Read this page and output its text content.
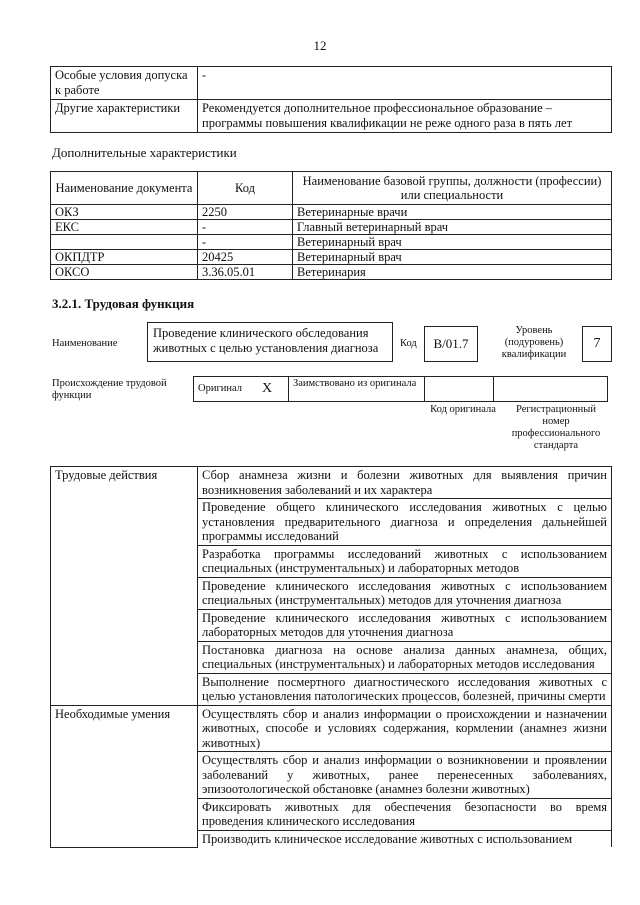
12
Особые условия допуска к работе	-
Другие характеристики	Рекомендуется дополнительное профессиональное образование – программы повышения квалификации не реже одного раза в пять лет
Дополнительные характеристики
Наименование документа	Код	Наименование базовой группы, должности (профессии) или специальности
ОКЗ	2250	Ветеринарные врачи
ЕКС	-	Главный ветеринарный врач
	-	Ветеринарный врач
ОКПДТР	20425	Ветеринарный врач
ОКСО	3.36.05.01	Ветеринария
3.2.1. Трудовая функция
Наименование
Проведение клинического обследования животных с целью установления диагноза	Код	В/01.7
Уровень (подуровень) квалификации
7
Происхождение трудовой функции
Оригинал Х	Заимствовано из оригинала
Код оригинала	Регистрационный номер профессионального стандарта
Трудовые действия	Сбор анамнеза жизни и болезни животных для выявления причин возникновения заболеваний и их характера
	Проведение общего клинического исследования животных с целью установления предварительного диагноза и определения дальнейшей программы исследований
	Разработка программы исследований животных с использованием специальных (инструментальных) и лабораторных методов
	Проведение клинического исследования животных с использованием специальных (инструментальных) методов для уточнения диагноза
	Проведение клинического исследования животных с использованием лабораторных методов для уточнения диагноза
	Постановка диагноза на основе анализа данных анамнеза, общих, специальных (инструментальных) и лабораторных методов исследования
	Выполнение посмертного диагностического исследования животных с целью установления патологических процессов, болезней, причины смерти
Необходимые умения	Осуществлять сбор и анализ информации о происхождении и назначении животных, способе и условиях содержания, кормлении (анамнез жизни животных)
	Осуществлять сбор и анализ информации о возникновении и проявлении заболеваний у животных, ранее перенесенных заболеваниях, эпизоотологической обстановке (анамнез болезни животных)
	Фиксировать животных для обеспечения безопасности во время проведения клинического исследования
	Производить клиническое исследование животных с использованием
